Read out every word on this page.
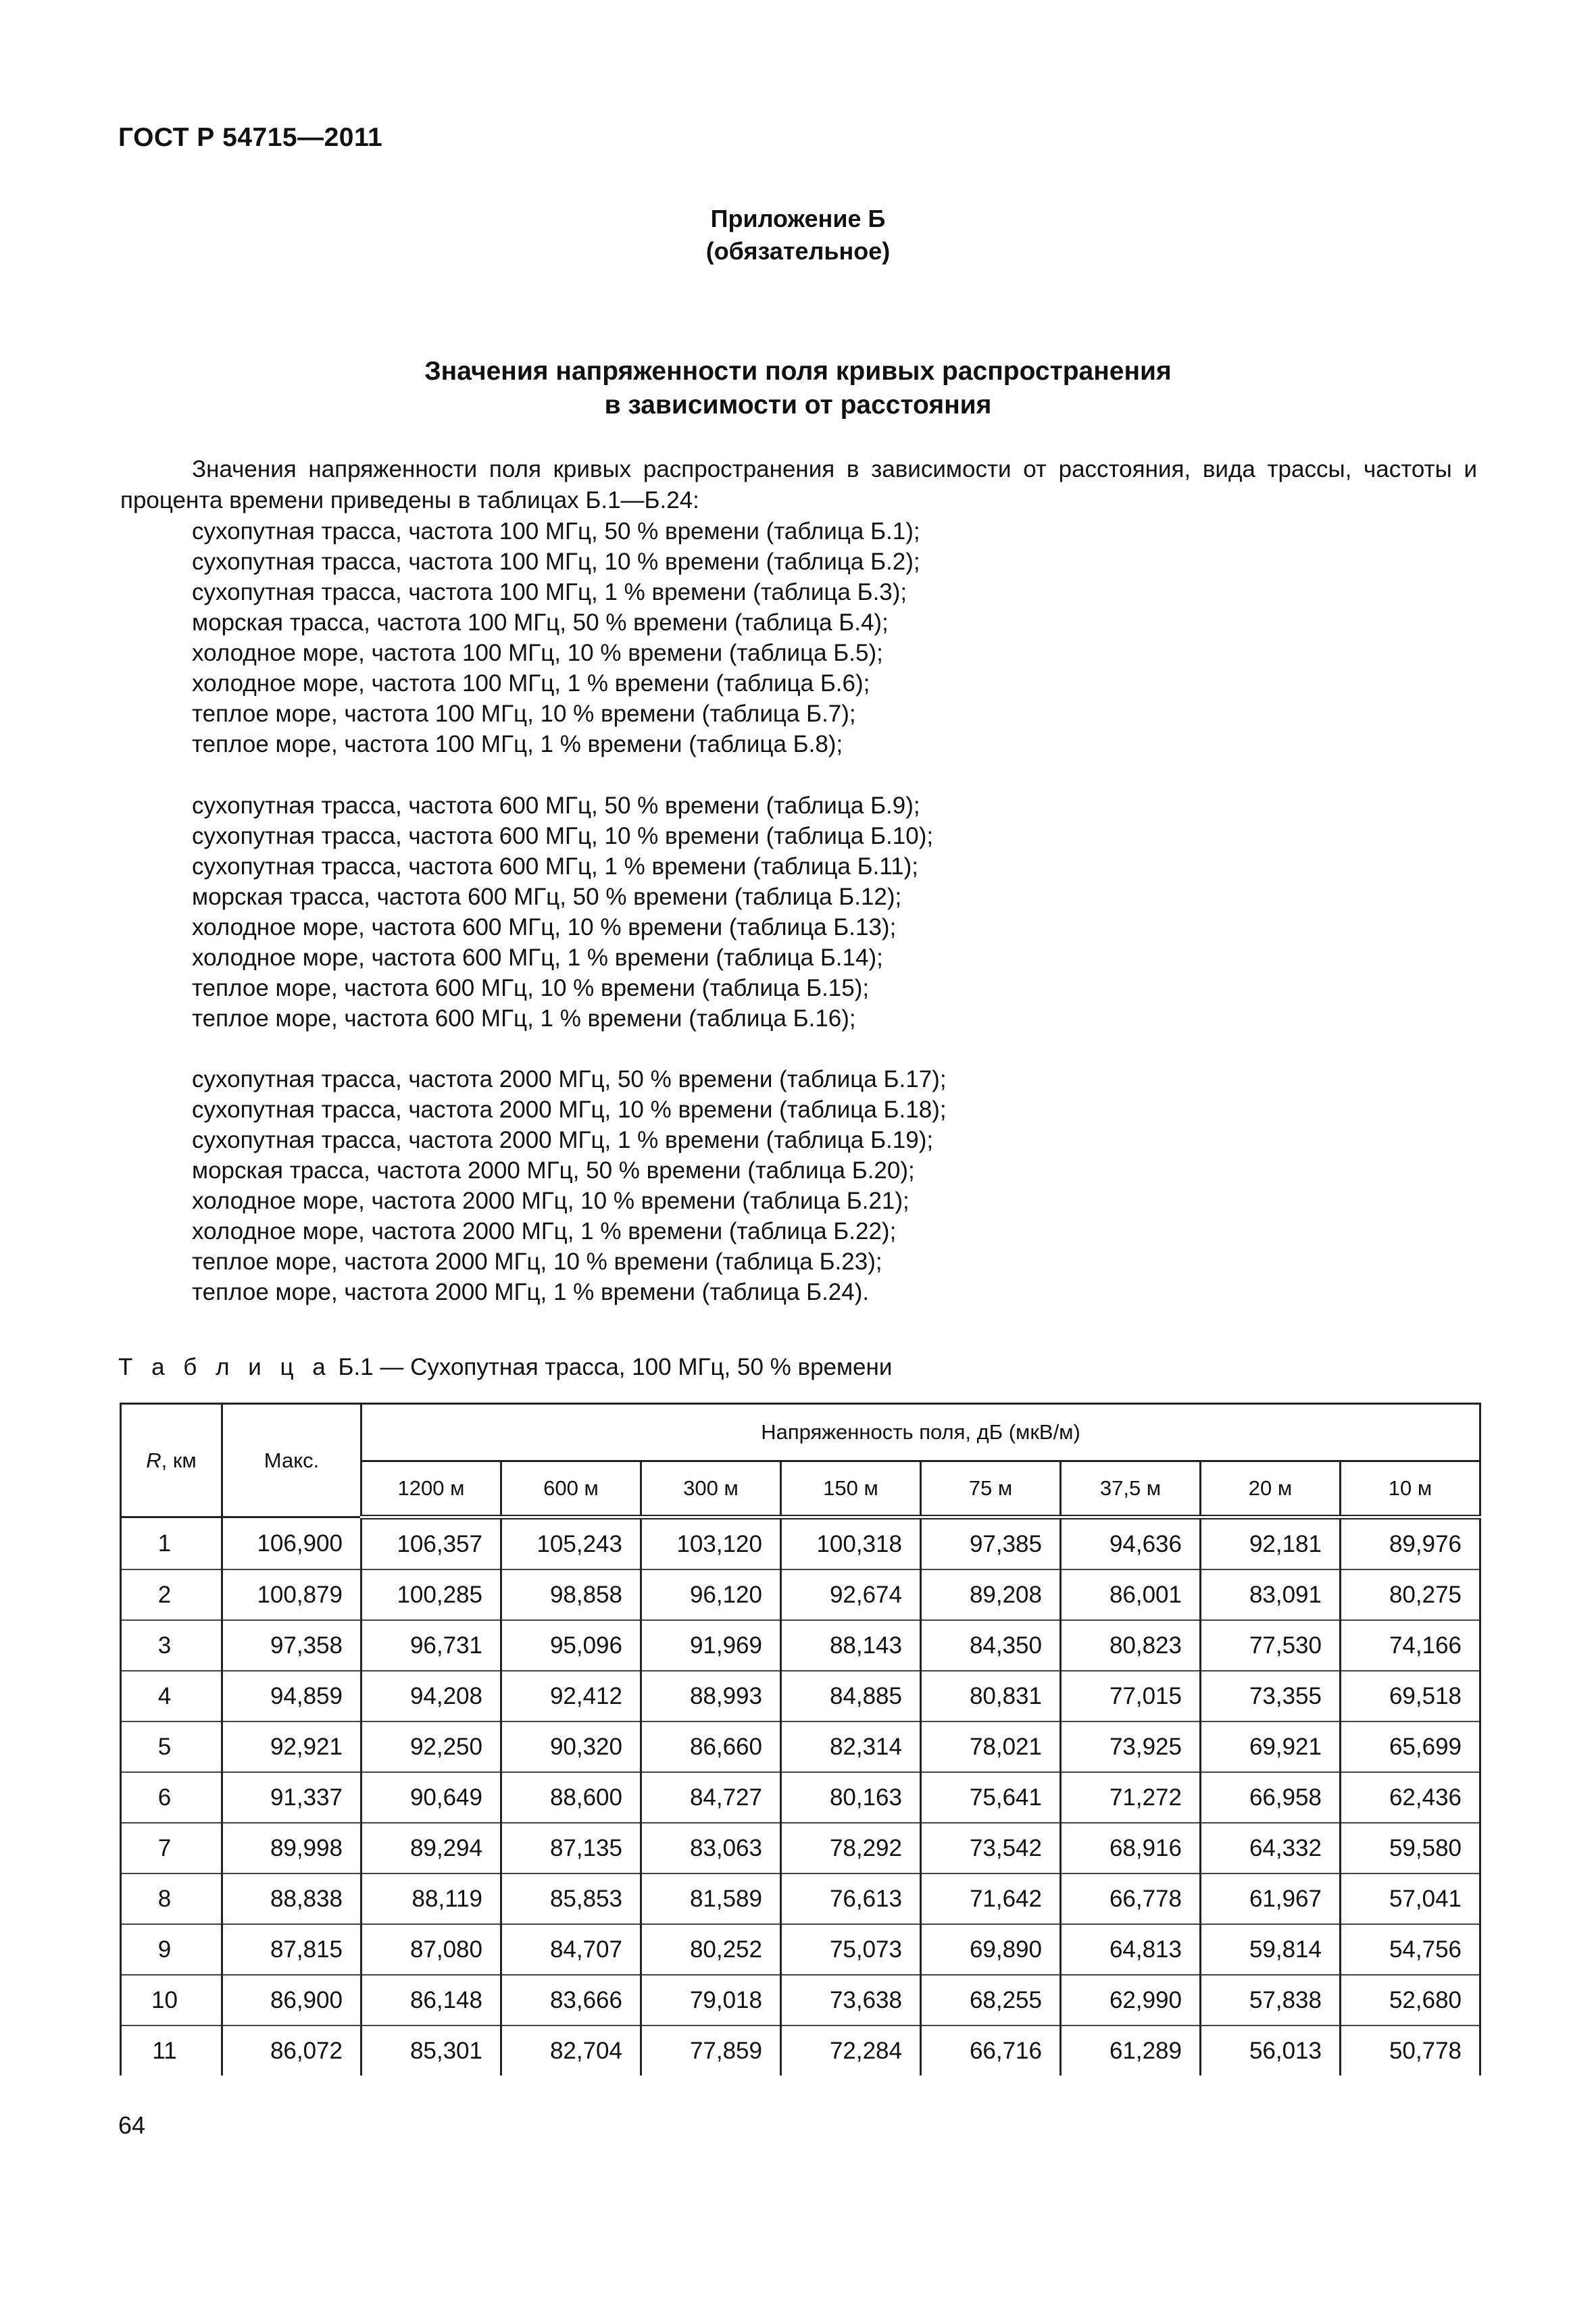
ГОСТ Р 54715—2011
Приложение Б
(обязательное)
Значения напряженности поля кривых распространения
в зависимости от расстояния

Значения напряженности поля кривых распространения в зависимости от расстояния, вида трассы, частоты и процента времени приведены в таблицах Б.1—Б.24:

сухопутная трасса, частота 100 МГц, 50 % времени (таблица Б.1);
сухопутная трасса, частота 100 МГц, 10 % времени (таблица Б.2);
сухопутная трасса, частота 100 МГц, 1 % времени (таблица Б.3);
морская трасса, частота 100 МГц, 50 % времени (таблица Б.4);
холодное море, частота 100 МГц, 10 % времени (таблица Б.5);
холодное море, частота 100 МГц, 1 % времени (таблица Б.6);
теплое море, частота 100 МГц, 10 % времени (таблица Б.7);
теплое море, частота 100 МГц, 1 % времени (таблица Б.8);
сухопутная трасса, частота 600 МГц, 50 % времени (таблица Б.9);
сухопутная трасса, частота 600 МГц, 10 % времени (таблица Б.10);
сухопутная трасса, частота 600 МГц, 1 % времени (таблица Б.11);
морская трасса, частота 600 МГц, 50 % времени (таблица Б.12);
холодное море, частота 600 МГц, 10 % времени (таблица Б.13);
холодное море, частота 600 МГц, 1 % времени (таблица Б.14);
теплое море, частота 600 МГц, 10 % времени (таблица Б.15);
теплое море, частота 600 МГц, 1 % времени (таблица Б.16);
сухопутная трасса, частота 2000 МГц, 50 % времени (таблица Б.17);
сухопутная трасса, частота 2000 МГц, 10 % времени (таблица Б.18);
сухопутная трасса, частота 2000 МГц, 1 % времени (таблица Б.19);
морская трасса, частота 2000 МГц, 50 % времени (таблица Б.20);
холодное море, частота 2000 МГц, 10 % времени (таблица Б.21);
холодное море, частота 2000 МГц, 1 % времени (таблица Б.22);
теплое море, частота 2000 МГц, 10 % времени (таблица Б.23);
теплое море, частота 2000 МГц, 1 % времени (таблица Б.24).
Т а б л и ц а Б.1 — Сухопутная трасса, 100 МГц, 50 % времени
R, км	Макс.	Напряженность поля, дБ (мкВ/м)							
		1200 м	600 м	300 м	150 м	75 м	37,5 м	20 м	10 м
1	106,900	106,357	105,243	103,120	100,318	97,385	94,636	92,181	89,976
2	100,879	100,285	98,858	96,120	92,674	89,208	86,001	83,091	80,275
3	97,358	96,731	95,096	91,969	88,143	84,350	80,823	77,530	74,166
4	94,859	94,208	92,412	88,993	84,885	80,831	77,015	73,355	69,518
5	92,921	92,250	90,320	86,660	82,314	78,021	73,925	69,921	65,699
6	91,337	90,649	88,600	84,727	80,163	75,641	71,272	66,958	62,436
7	89,998	89,294	87,135	83,063	78,292	73,542	68,916	64,332	59,580
8	88,838	88,119	85,853	81,589	76,613	71,642	66,778	61,967	57,041
9	87,815	87,080	84,707	80,252	75,073	69,890	64,813	59,814	54,756
10	86,900	86,148	83,666	79,018	73,638	68,255	62,990	57,838	52,680
11	86,072	85,301	82,704	77,859	72,284	66,716	61,289	56,013	50,778
64
